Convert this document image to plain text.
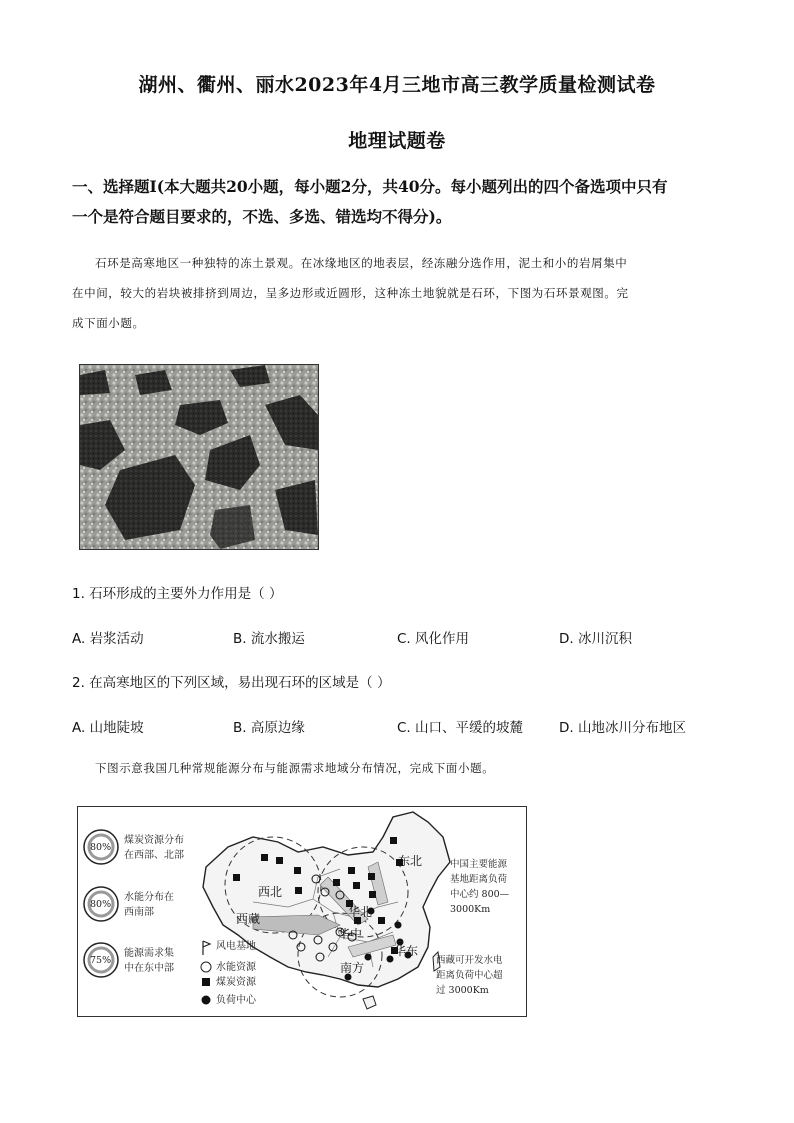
湖州、衢州、丽水2023年4月三地市高三教学质量检测试卷
地理试题卷
一、选择题Ⅰ(本大题共20小题，每小题2分，共40分。每小题列出的四个备选项中只有
一个是符合题目要求的，不选、多选、错选均不得分)。
石环是高寒地区一种独特的冻土景观。在冰缘地区的地表层，经冻融分选作用，泥土和小的岩屑集中
在中间，较大的岩块被排挤到周边，呈多边形或近圆形，这种冻土地貌就是石环，下图为石环景观图。完
成下面小题。
1. 石环形成的主要外力作用是（ ）
A. 岩浆活动	B. 流水搬运	C. 风化作用	D. 冰川沉积
2. 在高寒地区的下列区域，易出现石环的区域是（ ）
A. 山地陡坡	B. 高原边缘	C. 山口、平缓的坡麓	D. 山地冰川分布地区
下图示意我国几种常规能源分布与能源需求地域分布情况，完成下面小题。
80%
煤炭资源分布
在西部、北部
80%
水能分布在
西南部
75%
能源需求集
中在东中部
风电基地
水能资源
煤炭资源
负荷中心
西北
东北
西藏	华北
华中
华东
南方
中国主要能源
基地距离负荷
中心约 800—
3000Km
西藏可开发水电
距离负荷中心超
过 3000Km
